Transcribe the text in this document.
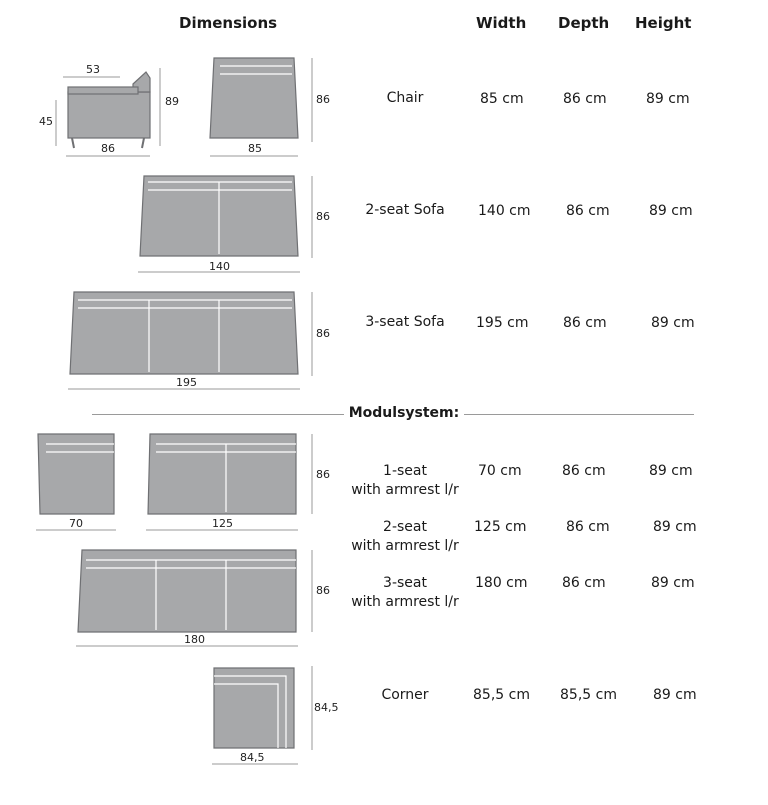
53
45
89
86
86
85
86
140
86
195
70	125
86
86
180
84,5
84,5
Dimensions	Width Depth Height
Modulsystem:
Chair	85 cm	86 cm	89 cm
2-seat Sofa	140 cm	86 cm	89 cm
3-seat Sofa	195 cm 86 cm	89 cm
1-seat
with armrest l/r
70 cm	86 cm	89 cm
2-seat
with armrest l/r
125 cm	86 cm	89 cm
3-seat
with armrest l/r
180 cm 86 cm	89 cm
Corner	85,5 cm 85,5 cm	89 cm
